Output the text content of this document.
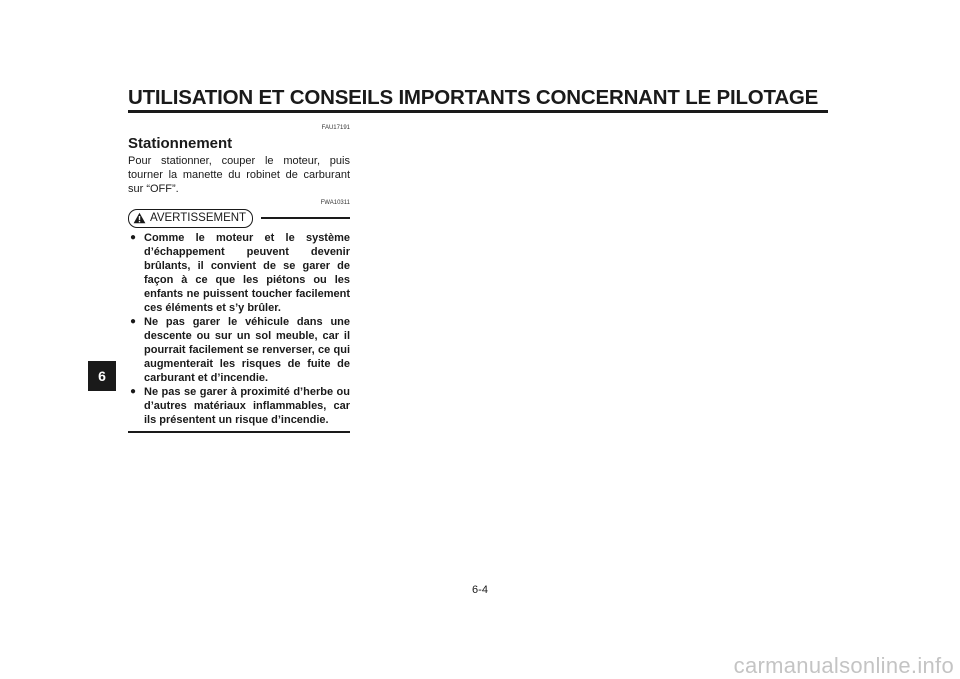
UTILISATION ET CONSEILS IMPORTANTS CONCERNANT LE PILOTAGE
6
FAU17191
Stationnement
Pour stationner, couper le moteur, puis tourner la manette du robinet de carburant sur “OFF”.
FWA10311
AVERTISSEMENT
● Comme le moteur et le système d’échappement peuvent devenir brûlants, il convient de se garer de façon à ce que les piétons ou les enfants ne puissent toucher facilement ces éléments et s’y brûler.
● Ne pas garer le véhicule dans une descente ou sur un sol meuble, car il pourrait facilement se renverser, ce qui augmenterait les risques de fuite de carburant et d’incendie.
● Ne pas se garer à proximité d’herbe ou d’autres matériaux inflammables, car ils présentent un risque d’incendie.
6-4
carmanualsonline.info
